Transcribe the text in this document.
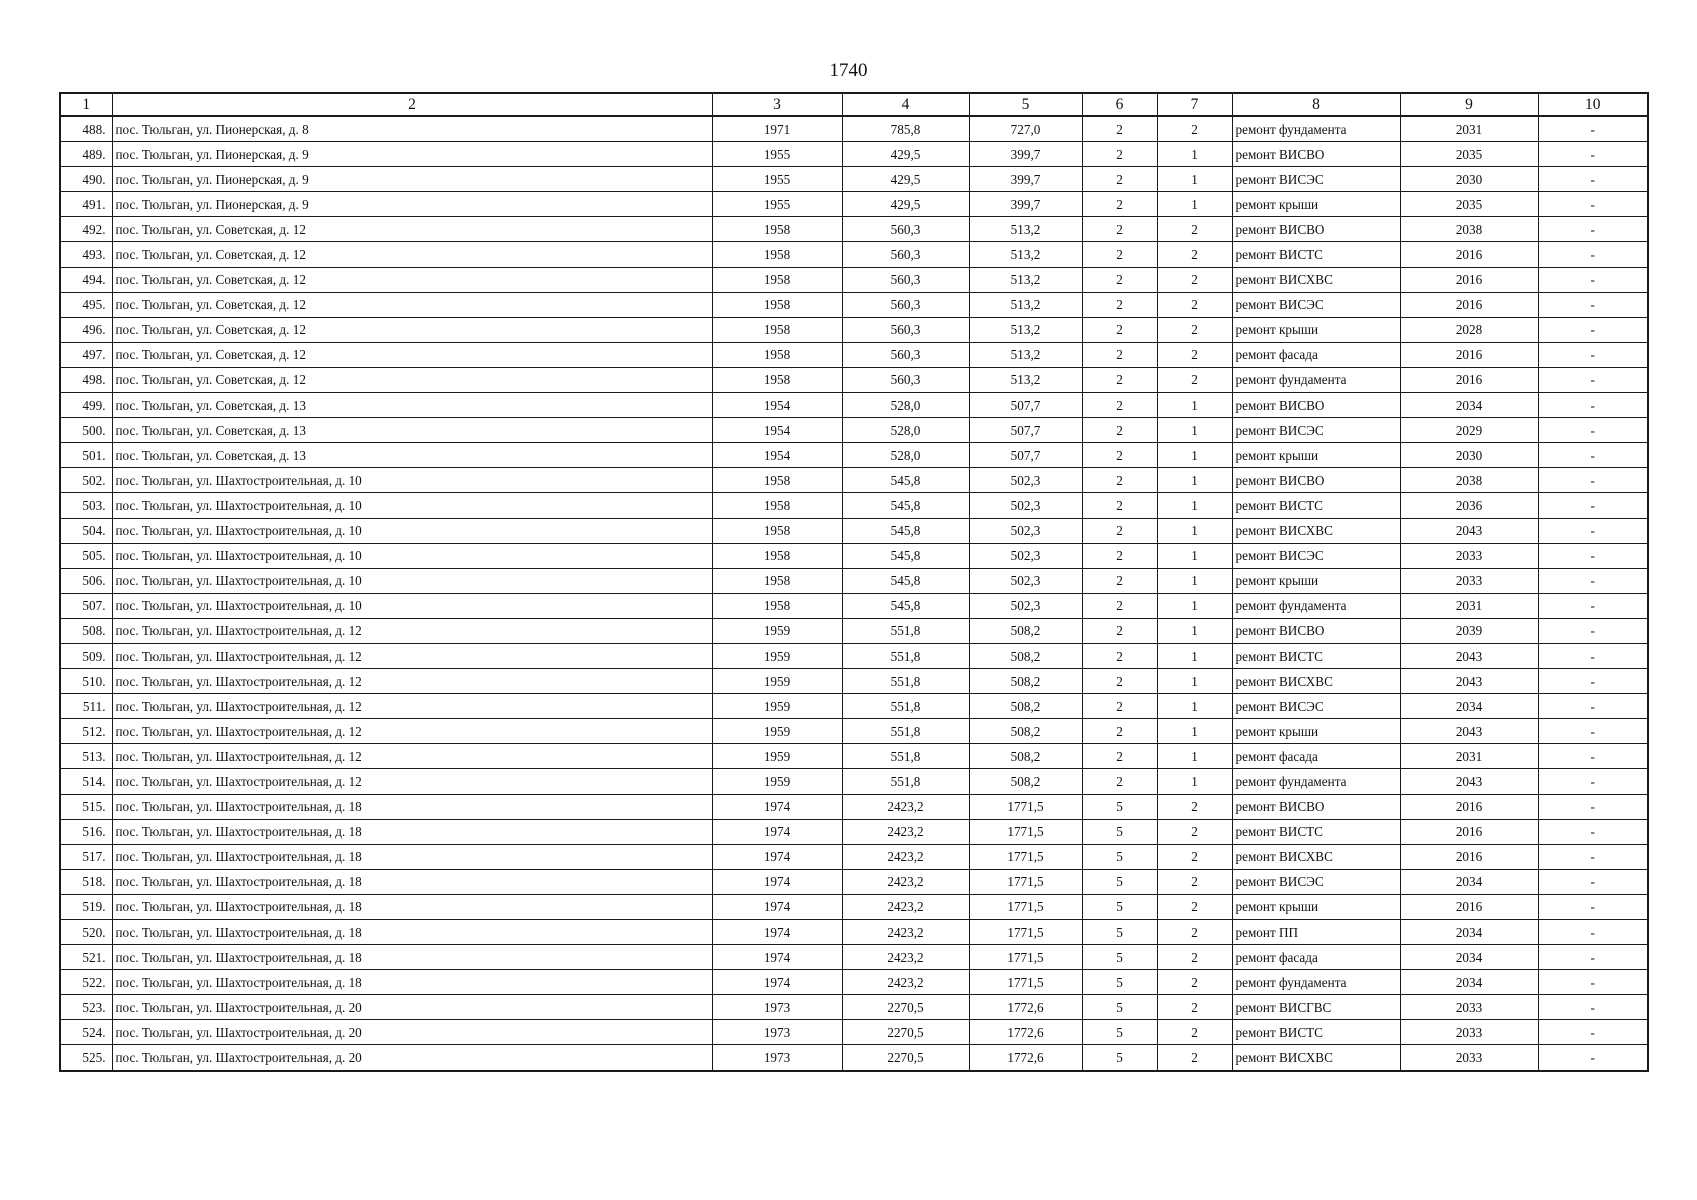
1740
1	2	3	4	5	6	7	8	9	10
488.	пос. Тюльган, ул. Пионерская, д. 8	1971	785,8	727,0	2	2	ремонт фундамента	2031	-
489.	пос. Тюльган, ул. Пионерская, д. 9	1955	429,5	399,7	2	1	ремонт ВИСВО	2035	-
490.	пос. Тюльган, ул. Пионерская, д. 9	1955	429,5	399,7	2	1	ремонт ВИСЭС	2030	-
491.	пос. Тюльган, ул. Пионерская, д. 9	1955	429,5	399,7	2	1	ремонт крыши	2035	-
492.	пос. Тюльган, ул. Советская, д. 12	1958	560,3	513,2	2	2	ремонт ВИСВО	2038	-
493.	пос. Тюльган, ул. Советская, д. 12	1958	560,3	513,2	2	2	ремонт ВИСТС	2016	-
494.	пос. Тюльган, ул. Советская, д. 12	1958	560,3	513,2	2	2	ремонт ВИСХВС	2016	-
495.	пос. Тюльган, ул. Советская, д. 12	1958	560,3	513,2	2	2	ремонт ВИСЭС	2016	-
496.	пос. Тюльган, ул. Советская, д. 12	1958	560,3	513,2	2	2	ремонт крыши	2028	-
497.	пос. Тюльган, ул. Советская, д. 12	1958	560,3	513,2	2	2	ремонт фасада	2016	-
498.	пос. Тюльган, ул. Советская, д. 12	1958	560,3	513,2	2	2	ремонт фундамента	2016	-
499.	пос. Тюльган, ул. Советская, д. 13	1954	528,0	507,7	2	1	ремонт ВИСВО	2034	-
500.	пос. Тюльган, ул. Советская, д. 13	1954	528,0	507,7	2	1	ремонт ВИСЭС	2029	-
501.	пос. Тюльган, ул. Советская, д. 13	1954	528,0	507,7	2	1	ремонт крыши	2030	-
502.	пос. Тюльган, ул. Шахтостроительная, д. 10	1958	545,8	502,3	2	1	ремонт ВИСВО	2038	-
503.	пос. Тюльган, ул. Шахтостроительная, д. 10	1958	545,8	502,3	2	1	ремонт ВИСТС	2036	-
504.	пос. Тюльган, ул. Шахтостроительная, д. 10	1958	545,8	502,3	2	1	ремонт ВИСХВС	2043	-
505.	пос. Тюльган, ул. Шахтостроительная, д. 10	1958	545,8	502,3	2	1	ремонт ВИСЭС	2033	-
506.	пос. Тюльган, ул. Шахтостроительная, д. 10	1958	545,8	502,3	2	1	ремонт крыши	2033	-
507.	пос. Тюльган, ул. Шахтостроительная, д. 10	1958	545,8	502,3	2	1	ремонт фундамента	2031	-
508.	пос. Тюльган, ул. Шахтостроительная, д. 12	1959	551,8	508,2	2	1	ремонт ВИСВО	2039	-
509.	пос. Тюльган, ул. Шахтостроительная, д. 12	1959	551,8	508,2	2	1	ремонт ВИСТС	2043	-
510.	пос. Тюльган, ул. Шахтостроительная, д. 12	1959	551,8	508,2	2	1	ремонт ВИСХВС	2043	-
511.	пос. Тюльган, ул. Шахтостроительная, д. 12	1959	551,8	508,2	2	1	ремонт ВИСЭС	2034	-
512.	пос. Тюльган, ул. Шахтостроительная, д. 12	1959	551,8	508,2	2	1	ремонт крыши	2043	-
513.	пос. Тюльган, ул. Шахтостроительная, д. 12	1959	551,8	508,2	2	1	ремонт фасада	2031	-
514.	пос. Тюльган, ул. Шахтостроительная, д. 12	1959	551,8	508,2	2	1	ремонт фундамента	2043	-
515.	пос. Тюльган, ул. Шахтостроительная, д. 18	1974	2423,2	1771,5	5	2	ремонт ВИСВО	2016	-
516.	пос. Тюльган, ул. Шахтостроительная, д. 18	1974	2423,2	1771,5	5	2	ремонт ВИСТС	2016	-
517.	пос. Тюльган, ул. Шахтостроительная, д. 18	1974	2423,2	1771,5	5	2	ремонт ВИСХВС	2016	-
518.	пос. Тюльган, ул. Шахтостроительная, д. 18	1974	2423,2	1771,5	5	2	ремонт ВИСЭС	2034	-
519.	пос. Тюльган, ул. Шахтостроительная, д. 18	1974	2423,2	1771,5	5	2	ремонт крыши	2016	-
520.	пос. Тюльган, ул. Шахтостроительная, д. 18	1974	2423,2	1771,5	5	2	ремонт ПП	2034	-
521.	пос. Тюльган, ул. Шахтостроительная, д. 18	1974	2423,2	1771,5	5	2	ремонт фасада	2034	-
522.	пос. Тюльган, ул. Шахтостроительная, д. 18	1974	2423,2	1771,5	5	2	ремонт фундамента	2034	-
523.	пос. Тюльган, ул. Шахтостроительная, д. 20	1973	2270,5	1772,6	5	2	ремонт ВИСГВС	2033	-
524.	пос. Тюльган, ул. Шахтостроительная, д. 20	1973	2270,5	1772,6	5	2	ремонт ВИСТС	2033	-
525.	пос. Тюльган, ул. Шахтостроительная, д. 20	1973	2270,5	1772,6	5	2	ремонт ВИСХВС	2033	-
